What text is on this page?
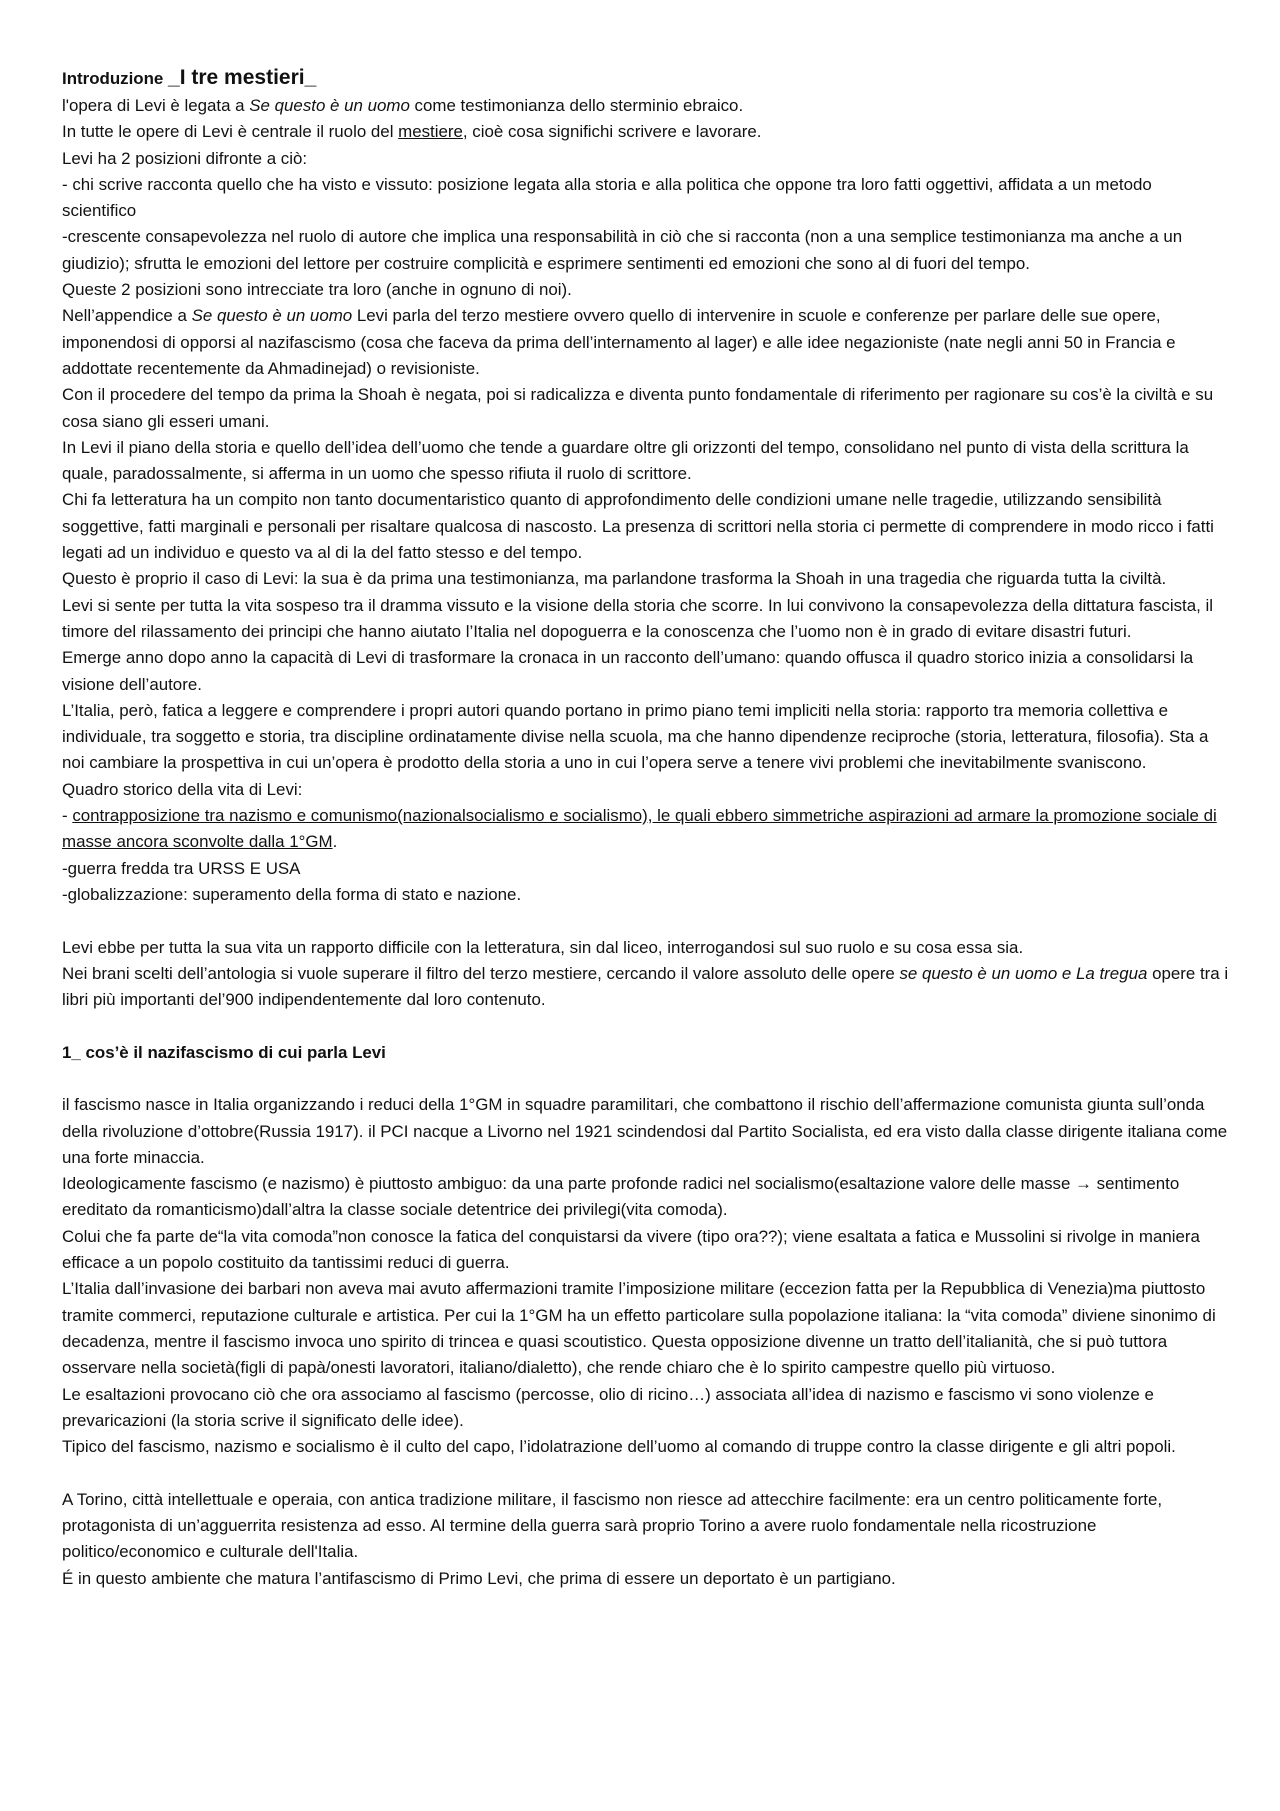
Introduzione _I tre mestieri_

l'opera di Levi è legata a Se questo è un uomo come testimonianza dello sterminio ebraico.

In tutte le opere di Levi è centrale il ruolo del mestiere, cioè cosa significhi scrivere e lavorare.

Levi ha 2 posizioni difronte a ciò:

- chi scrive racconta quello che ha visto e vissuto: posizione legata alla storia e alla politica che oppone tra loro fatti oggettivi, affidata a un metodo scientifico

-crescente consapevolezza nel ruolo di autore che implica una responsabilità in ciò che si racconta (non a una semplice testimonianza ma anche a un giudizio); sfrutta le emozioni del lettore per costruire complicità e esprimere sentimenti ed emozioni che sono al di fuori del tempo.

Queste 2 posizioni sono intrecciate tra loro (anche in ognuno di noi).

Nell’appendice a Se questo è un uomo Levi parla del terzo mestiere ovvero quello di intervenire in scuole e conferenze per parlare delle sue opere, imponendosi di opporsi al nazifascismo (cosa che faceva da prima dell’internamento al lager) e alle idee negazioniste (nate negli anni 50 in Francia e addottate recentemente da Ahmadinejad) o revisioniste.

Con il procedere del tempo da prima la Shoah è negata, poi si radicalizza e diventa punto fondamentale di riferimento per ragionare su cos’è la civiltà e su cosa siano gli esseri umani.

In Levi il piano della storia e quello dell’idea dell’uomo che tende a guardare oltre gli orizzonti del tempo, consolidano nel punto di vista della scrittura la quale, paradossalmente, si afferma in un uomo che spesso rifiuta il ruolo di scrittore.

Chi fa letteratura ha un compito non tanto documentaristico quanto di approfondimento delle condizioni umane nelle tragedie, utilizzando sensibilità soggettive, fatti marginali e personali per risaltare qualcosa di nascosto. La presenza di scrittori nella storia ci permette di comprendere in modo ricco i fatti legati ad un individuo e questo va al di la del fatto stesso e del tempo.

Questo è proprio il caso di Levi: la sua è da prima una testimonianza, ma parlandone trasforma la Shoah in una tragedia che riguarda tutta la civiltà.

Levi si sente per tutta la vita sospeso tra il dramma vissuto e la visione della storia che scorre. In lui convivono la consapevolezza della dittatura fascista, il timore del rilassamento dei principi che hanno aiutato l’Italia nel dopoguerra e la conoscenza che l’uomo non è in grado di evitare disastri futuri.

Emerge anno dopo anno la capacità di Levi di trasformare la cronaca in un racconto dell’umano: quando offusca il quadro storico inizia a consolidarsi la visione dell’autore.

L’Italia, però, fatica a leggere e comprendere i propri autori quando portano in primo piano temi impliciti nella storia: rapporto tra memoria collettiva e individuale, tra soggetto e storia, tra discipline ordinatamente divise nella scuola, ma che hanno dipendenze reciproche (storia, letteratura, filosofia). Sta a noi cambiare la prospettiva in cui un’opera è prodotto della storia a uno in cui l’opera serve a tenere vivi problemi che inevitabilmente svaniscono.

Quadro storico della vita di Levi:

- contrapposizione tra nazismo e comunismo(nazionalsocialismo e socialismo), le quali ebbero simmetriche aspirazioni ad armare la promozione sociale di masse ancora sconvolte dalla 1°GM.

-guerra fredda tra URSS E USA

-globalizzazione: superamento della forma di stato e nazione.

Levi ebbe per tutta la sua vita un rapporto difficile con la letteratura, sin dal liceo, interrogandosi sul suo ruolo e su cosa essa sia.

Nei brani scelti dell’antologia si vuole superare il filtro del terzo mestiere, cercando il valore assoluto delle opere se questo è un uomo e La tregua opere tra i libri più importanti del’900 indipendentemente dal loro contenuto.

1_ cos’è il nazifascismo di cui parla Levi

il fascismo nasce in Italia organizzando i reduci della 1°GM in squadre paramilitari, che combattono il rischio dell’affermazione comunista giunta sull’onda della rivoluzione d’ottobre(Russia 1917). il PCI nacque a Livorno nel 1921 scindendosi dal Partito Socialista, ed era visto dalla classe dirigente italiana come una forte minaccia.

Ideologicamente fascismo (e nazismo) è piuttosto ambiguo: da una parte profonde radici nel socialismo(esaltazione valore delle masse → sentimento ereditato da romanticismo)dall’altra la classe sociale detentrice dei privilegi(vita comoda).

Colui che fa parte de“la vita comoda”non conosce la fatica del conquistarsi da vivere (tipo ora??); viene esaltata a fatica e Mussolini si rivolge in maniera efficace a un popolo costituito da tantissimi reduci di guerra.

L’Italia dall’invasione dei barbari non aveva mai avuto affermazioni tramite l’imposizione militare (eccezion fatta per la Repubblica di Venezia)ma piuttosto tramite commerci, reputazione culturale e artistica. Per cui la 1°GM ha un effetto particolare sulla popolazione italiana: la “vita comoda” diviene sinonimo di decadenza, mentre il fascismo invoca uno spirito di trincea e quasi scoutistico. Questa opposizione divenne un tratto dell’italianità, che si può tuttora osservare nella società(figli di papà/onesti lavoratori, italiano/dialetto), che rende chiaro che è lo spirito campestre quello più virtuoso.

Le esaltazioni provocano ciò che ora associamo al fascismo (percosse, olio di ricino…) associata all’idea di nazismo e fascismo vi sono violenze e prevaricazioni (la storia scrive il significato delle idee).

Tipico del fascismo, nazismo e socialismo è il culto del capo, l’idolatrazione dell’uomo al comando di truppe contro la classe dirigente e gli altri popoli.

A Torino, città intellettuale e operaia, con antica tradizione militare, il fascismo non riesce ad attecchire facilmente: era un centro politicamente forte, protagonista di un’agguerrita resistenza ad esso. Al termine della guerra sarà proprio Torino a avere ruolo fondamentale nella ricostruzione politico/economico e culturale dell'Italia.

É in questo ambiente che matura l’antifascismo di Primo Levi, che prima di essere un deportato è un partigiano.
